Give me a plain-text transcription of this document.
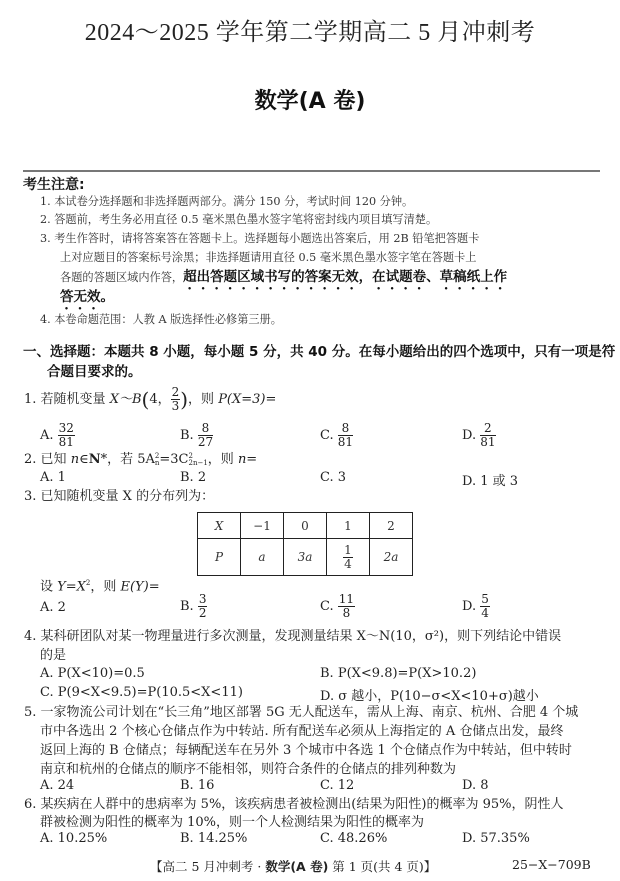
2024～2025 学年第二学期高二 5 月冲刺考
数学(A 卷)
考生注意:
1. 本试卷分选择题和非选择题两部分。满分 150 分，考试时间 120 分钟。
2. 答题前，考生务必用直径 0.5 毫米黑色墨水签字笔将密封线内项目填写清楚。
3. 考生作答时，请将答案答在答题卡上。选择题每小题选出答案后，用 2B 铅笔把答题卡
上对应题目的答案标号涂黑；非选择题请用直径 0.5 毫米黑色墨水签字笔在答题卡上
各题的答题区域内作答，超出答题区域书写的答案无效，在试题卷、草稿纸上作
答无效。
4. 本卷命题范围：人教 A 版选择性必修第三册。
一、选择题：本题共 8 小题，每小题 5 分，共 40 分。在每小题给出的四个选项中，只有一项是符
合题目要求的。
1. 若随机变量 X～B(4， $\frac{2}{3}$ )，则 P(X=3)=
A. $\frac{32}{81}$	B. $\frac{8}{27}$	C. $\frac{8}{81}$	D. $\frac{2}{81}$
2. 已知 n∈N*，若 5A 2
n =3C 2
2n−1 ，则 n=
A. 1	B. 2	C. 3	D. 1 或 3
3. 已知随机变量 X 的分布列为：
X	−1	0	1	2
P	a	3a	$\frac{1}{4}$	2a
设 $Y=X^2$，则 E(Y)=
A. 2	B. $\frac{3}{2}$	C. $\frac{11}{8}$	D. $\frac{5}{4}$
4. 某科研团队对某一物理量进行多次测量，发现测量结果 X～N(10，σ²)，则下列结论中错误
的是
A. P(X<10)=0.5	B. P(X<9.8)=P(X>10.2)
C. P(9<X<9.5)=P(10.5<X<11)	D. σ 越小，P(10−σ<X<10+σ)越小
5. 一家物流公司计划在“长三角”地区部署 5G 无人配送车，需从上海、南京、杭州、合肥 4 个城
市中各选出 2 个核心仓储点作为中转站. 所有配送车必须从上海指定的 A 仓储点出发，最终
返回上海的 B 仓储点；每辆配送车在另外 3 个城市中各选 1 个仓储点作为中转站，但中转时
南京和杭州的仓储点的顺序不能相邻，则符合条件的仓储点的排列种数为
A. 24	B. 16	C. 12	D. 8
6. 某疾病在人群中的患病率为 5%，该疾病患者被检测出(结果为阳性)的概率为 95%，阴性人
群被检测为阳性的概率为 10%，则一个人检测结果为阳性的概率为
A. 10.25%	B. 14.25%	C. 48.26%	D. 57.35%
【高二 5 月冲刺考 · 数学(A 卷) 第 1 页(共 4 页)】	25−X−709B
